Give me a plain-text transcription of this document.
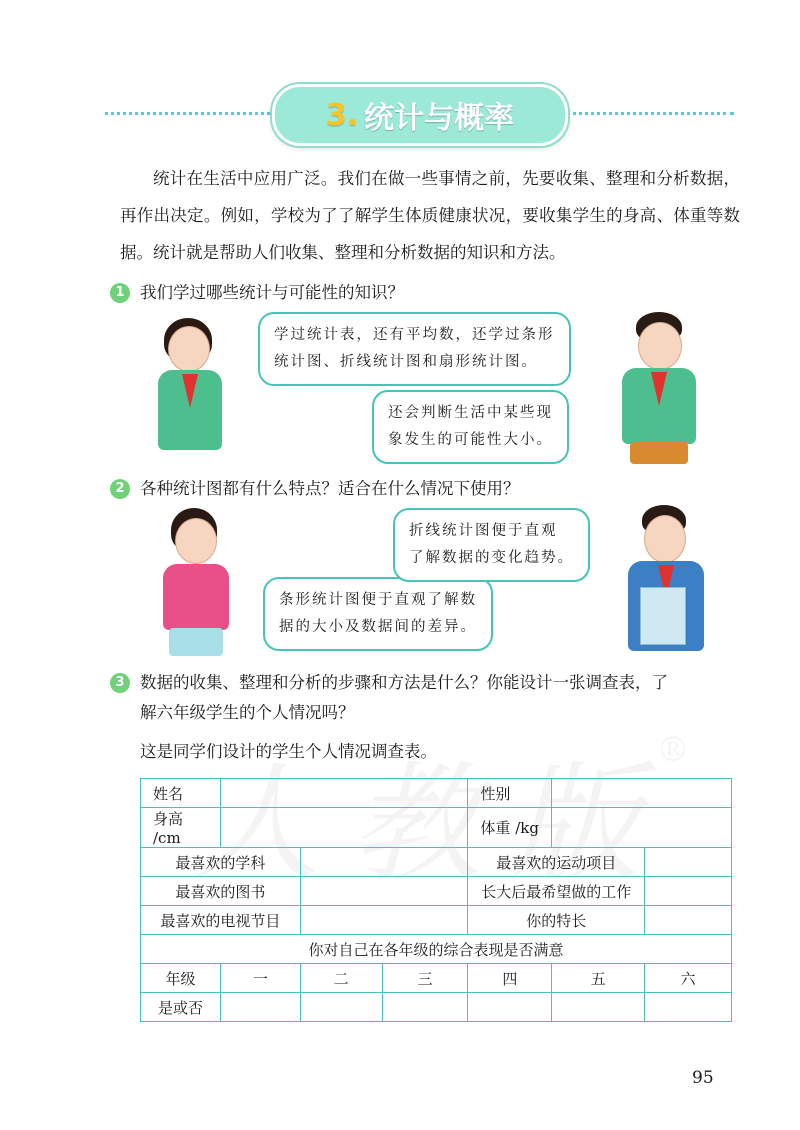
3. 统计与概率
统计在生活中应用广泛。我们在做一些事情之前，先要收集、整理和分析数据，再作出决定。例如，学校为了了解学生体质健康状况，要收集学生的身高、体重等数据。统计就是帮助人们收集、整理和分析数据的知识和方法。
1 我们学过哪些统计与可能性的知识？
学过统计表，还有平均数，还学过条形
统计图、折线统计图和扇形统计图。
还会判断生活中某些现
象发生的可能性大小。
2 各种统计图都有什么特点？适合在什么情况下使用？
条形统计图便于直观了解数
据的大小及数据间的差异。
折线统计图便于直观
了解数据的变化趋势。
3 数据的收集、整理和分析的步骤和方法是什么？你能设计一张调查表，了
解六年级学生的个人情况吗？
这是同学们设计的学生个人情况调查表。
姓名				性别		
身高 /cm				体重 /kg		
最喜欢的学科				最喜欢的运动项目		
最喜欢的图书				长大后最希望做的工作		
最喜欢的电视节目				你的特长		
你对自己在各年级的综合表现是否满意						
年级	一	二	三	四	五	六
是或否						
95
